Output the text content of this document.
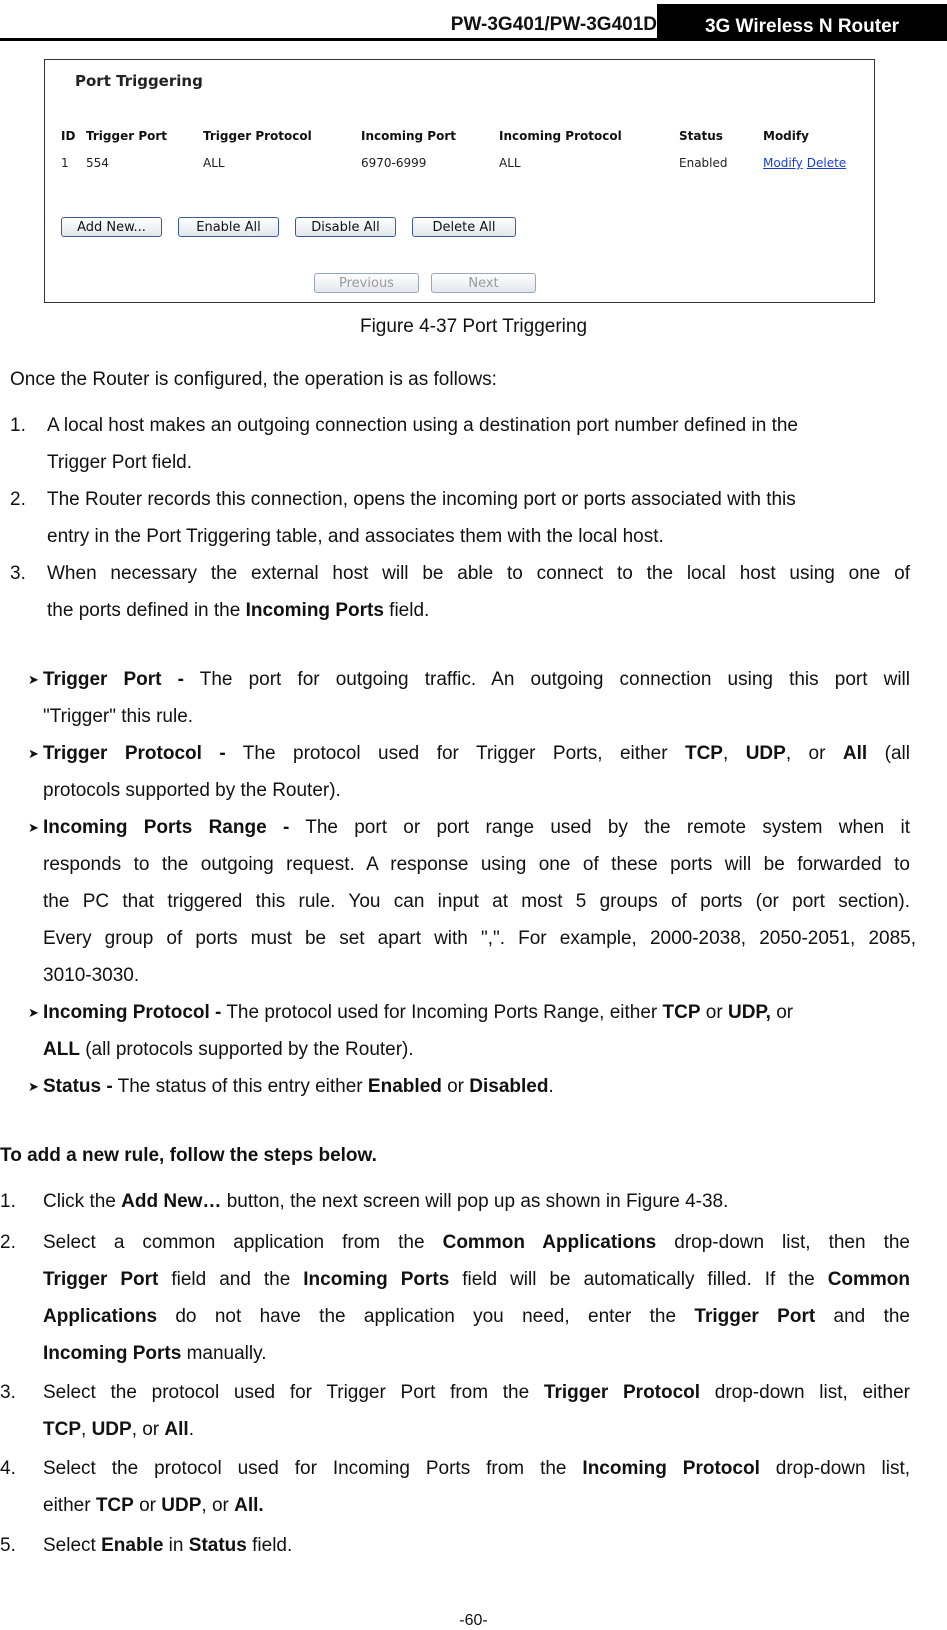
PW-3G401/PW-3G401D	3G Wireless N Router
Port Triggering
ID	Trigger Port	Trigger Protocol	Incoming Port	Incoming Protocol	Status	Modify
1	554	ALL	6970-6999	ALL	Enabled	Modify Delete
Add New...	Enable All	Disable All	Delete All
Previous	Next
Figure 4-37 Port Triggering
Once the Router is configured, the operation is as follows:
1. A local host makes an outgoing connection using a destination port number defined in the
Trigger Port field.
2. The Router records this connection, opens the incoming port or ports associated with this
entry in the Port Triggering table, and associates them with the local host.
3. When necessary the external host will be able to connect to the local host using one of
the ports defined in the Incoming Ports field.
➤ Trigger Port - The port for outgoing traffic. An outgoing connection using this port will
"Trigger" this rule.
➤ Trigger Protocol - The protocol used for Trigger Ports, either TCP, UDP, or All (all
protocols supported by the Router).
➤ Incoming Ports Range - The port or port range used by the remote system when it
responds to the outgoing request. A response using one of these ports will be forwarded to
the PC that triggered this rule. You can input at most 5 groups of ports (or port section).
Every group of ports must be set apart with ",". For example, 2000-2038, 2050-2051, 2085,
3010-3030.
➤ Incoming Protocol - The protocol used for Incoming Ports Range, either TCP or UDP, or
ALL (all protocols supported by the Router).
➤ Status - The status of this entry either Enabled or Disabled.
To add a new rule, follow the steps below.
1. Click the Add New… button, the next screen will pop up as shown in Figure 4-38.
2. Select a common application from the Common Applications drop-down list, then the
Trigger Port field and the Incoming Ports field will be automatically filled. If the Common
Applications do not have the application you need, enter the Trigger Port and the
Incoming Ports manually.
3. Select the protocol used for Trigger Port from the Trigger Protocol drop-down list, either
TCP, UDP, or All.
4. Select the protocol used for Incoming Ports from the Incoming Protocol drop-down list,
either TCP or UDP, or All.
5. Select Enable in Status field.
-60-
